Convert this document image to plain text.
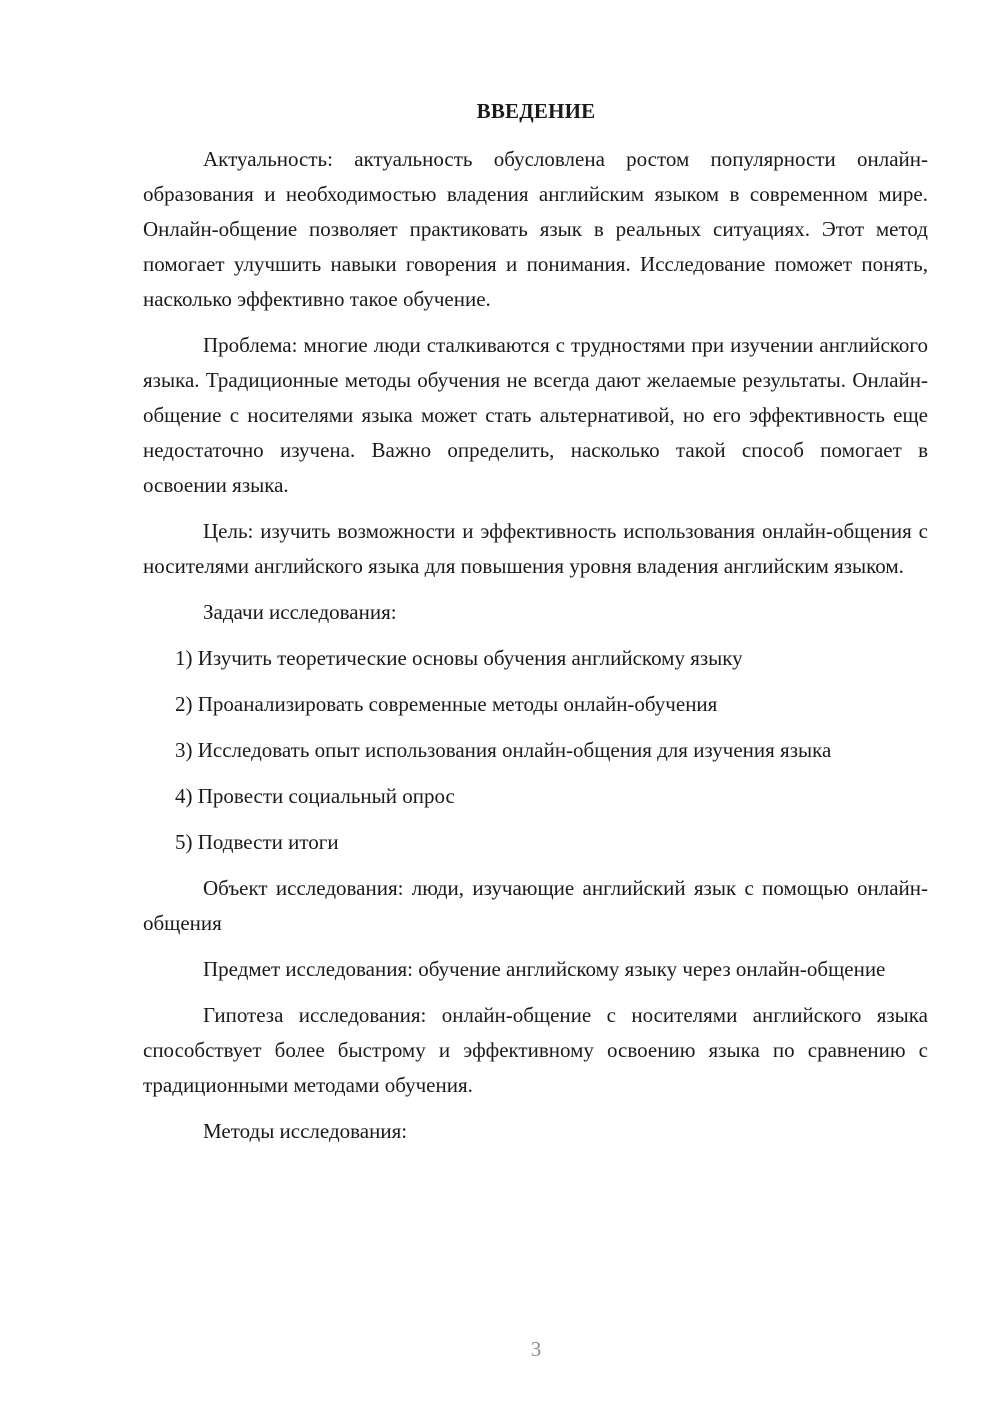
ВВЕДЕНИЕ

Актуальность: актуальность обусловлена ростом популярности онлайн-образования и необходимостью владения английским языком в современном мире. Онлайн-общение позволяет практиковать язык в реальных ситуациях. Этот метод помогает улучшить навыки говорения и понимания. Исследование поможет понять, насколько эффективно такое обучение.

Проблема: многие люди сталкиваются с трудностями при изучении английского языка. Традиционные методы обучения не всегда дают желаемые результаты. Онлайн-общение с носителями языка может стать альтернативой, но его эффективность еще недостаточно изучена. Важно определить, насколько такой способ помогает в освоении языка.

Цель: изучить возможности и эффективность использования онлайн-общения с носителями английского языка для повышения уровня владения английским языком.

Задачи исследования:

1) Изучить теоретические основы обучения английскому языку

2) Проанализировать современные методы онлайн-обучения

3) Исследовать опыт использования онлайн-общения для изучения языка

4) Провести социальный опрос

5) Подвести итоги

Объект исследования: люди, изучающие английский язык с помощью онлайн-общения

Предмет исследования: обучение английскому языку через онлайн-общение

Гипотеза исследования: онлайн-общение с носителями английского языка способствует более быстрому и эффективному освоению языка по сравнению с традиционными методами обучения.

Методы исследования:

3
